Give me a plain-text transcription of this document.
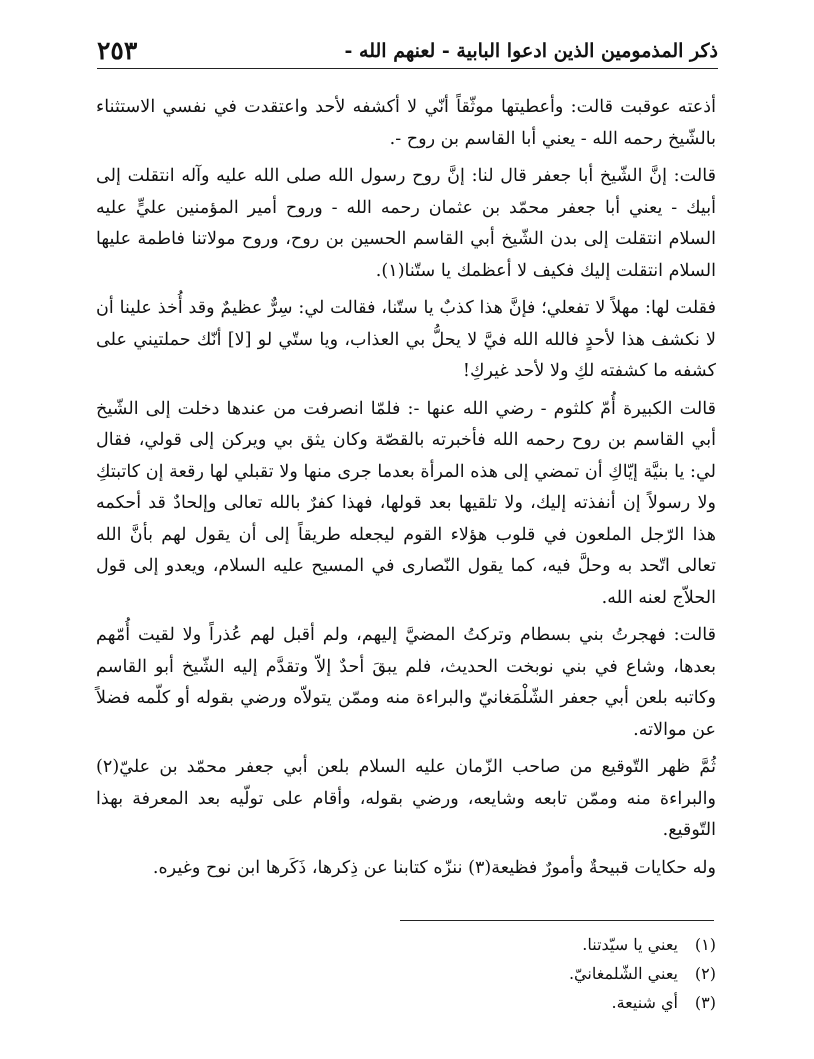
ذكر المذمومين الذين ادعوا البابية - لعنهم الله -
٢٥٣

أذعته عوقبت قالت: وأعطيتها موثّقاً أنّي لا أكشفه لأحد واعتقدت في نفسي الاستثناء بالشّيخ رحمه الله - يعني أبا القاسم بن روح -.

قالت: إنَّ الشّيخ أبا جعفر قال لنا: إنَّ روح رسول الله صلى الله عليه وآله انتقلت إلى أبيك - يعني أبا جعفر محمّد بن عثمان رحمه الله - وروح أمير المؤمنين عليٍّ عليه السلام انتقلت إلى بدن الشّيخ أبي القاسم الحسين بن روح، وروح مولاتنا فاطمة عليها السلام انتقلت إليك فكيف لا أعظمك يا ستّنا(١).

فقلت لها: مهلاً لا تفعلي؛ فإنَّ هذا كذبٌ يا ستّنا، فقالت لي: سِرٌّ عظيمٌ وقد أُخذ علينا أن لا نكشف هذا لأحدٍ فالله الله فيَّ لا يحلُّ بي العذاب، ويا ستّي لو [لا] أنّك حملتيني على كشفه ما كشفته لكِ ولا لأحد غيركِ!

قالت الكبيرة أُمّ كلثوم - رضي الله عنها -: فلمّا انصرفت من عندها دخلت إلى الشّيخ أبي القاسم بن روح رحمه الله فأخبرته بالقصّة وكان يثق بي ويركن إلى قولي، فقال لي: يا بنيَّة إيّاكِ أن تمضي إلى هذه المرأة بعدما جرى منها ولا تقبلي لها رقعة إن كاتبتكِ ولا رسولاً إن أنفذته إليك، ولا تلقيها بعد قولها، فهذا كفرٌ بالله تعالى وإلحادٌ قد أحكمه هذا الرّجل الملعون في قلوب هؤلاء القوم ليجعله طريقاً إلى أن يقول لهم بأنَّ الله تعالى اتّحد به وحلَّ فيه، كما يقول النّصارى في المسيح عليه السلام، ويعدو إلى قول الحلاّج لعنه الله.

قالت: فهجرتُ بني بسطام وتركتُ المضيَّ إليهم، ولم أقبل لهم عُذراً ولا لقيت أُمّهم بعدها، وشاع في بني نوبخت الحديث، فلم يبقَ أحدٌ إلاّ وتقدَّم إليه الشّيخ أبو القاسم وكاتبه بلعن أبي جعفر الشّلْمَغانيّ والبراءة منه وممّن يتولاّه ورضي بقوله أو كلّمه فضلاً عن موالاته.

ثُمَّ ظهر التّوقيع من صاحب الزّمان عليه السلام بلعن أبي جعفر محمّد بن عليّ(٢) والبراءة منه وممّن تابعه وشايعه، ورضي بقوله، وأقام على تولّيه بعد المعرفة بهذا التّوقيع.

وله حكايات قبيحةٌ وأمورٌ فظيعة(٣) ننزّه كتابنا عن ذِكرها، ذَكَرها ابن نوح وغيره.

(١)
يعني يا سيّدتنا.
(٢)
يعني الشّلمغانيّ.
(٣)
أي شنيعة.
